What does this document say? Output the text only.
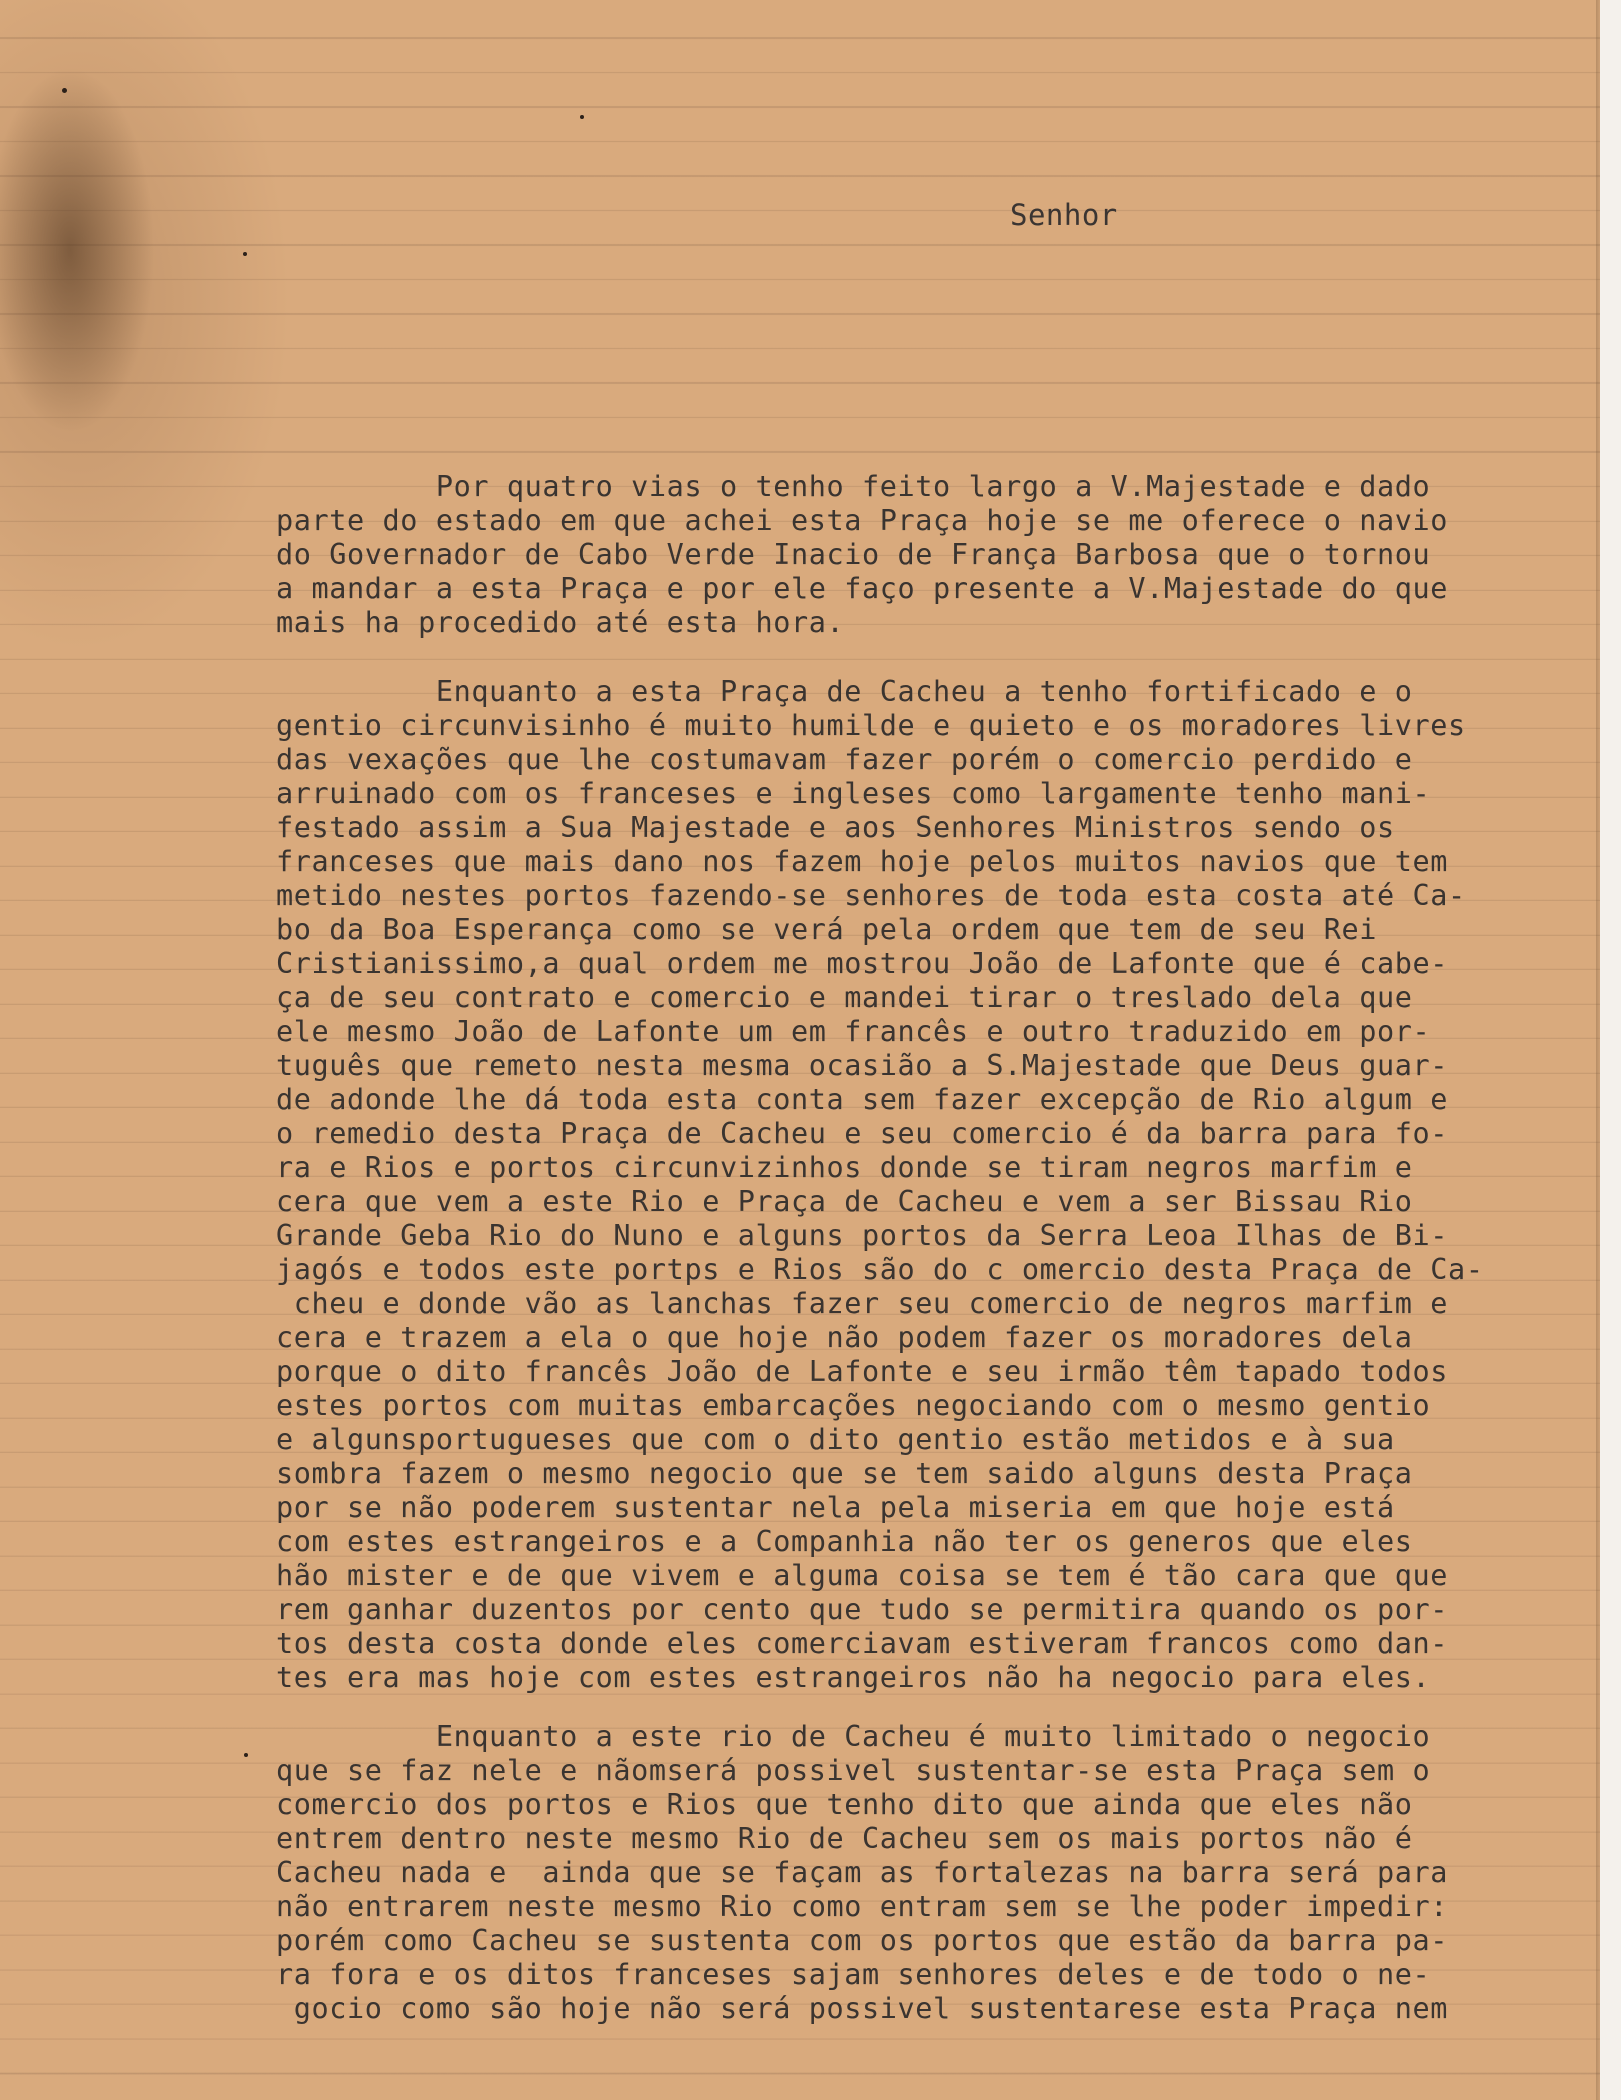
Senhor
Por quatro vias o tenho feito largo a V.Majestade e dado
parte do estado em que achei esta Praça hoje se me oferece o navio
do Governador de Cabo Verde Inacio de França Barbosa que o tornou
a mandar a esta Praça e por ele faço presente a V.Majestade do que
mais ha procedido até esta hora.
Enquanto a esta Praça de Cacheu a tenho fortificado e o
gentio circunvisinho é muito humilde e quieto e os moradores livres
das vexações que lhe costumavam fazer porém o comercio perdido e
arruinado com os franceses e ingleses como largamente tenho mani-
festado assim a Sua Majestade e aos Senhores Ministros sendo os
franceses que mais dano nos fazem hoje pelos muitos navios que tem
metido nestes portos fazendo-se senhores de toda esta costa até Ca-
bo da Boa Esperança como se verá pela ordem que tem de seu Rei
Cristianissimo,a qual ordem me mostrou João de Lafonte que é cabe-
ça de seu contrato e comercio e mandei tirar o treslado dela que
ele mesmo João de Lafonte um em francês e outro traduzido em por-
tuguês que remeto nesta mesma ocasião a S.Majestade que Deus guar-
de adonde lhe dá toda esta conta sem fazer excepção de Rio algum e
o remedio desta Praça de Cacheu e seu comercio é da barra para fo-
ra e Rios e portos circunvizinhos donde se tiram negros marfim e
cera que vem a este Rio e Praça de Cacheu e vem a ser Bissau Rio
Grande Geba Rio do Nuno e alguns portos da Serra Leoa Ilhas de Bi-
jagós e todos este portps e Rios são do c omercio desta Praça de Ca-
cheu e donde vão as lanchas fazer seu comercio de negros marfim e
cera e trazem a ela o que hoje não podem fazer os moradores dela
porque o dito francês João de Lafonte e seu irmão têm tapado todos
estes portos com muitas embarcações negociando com o mesmo gentio
e algunsportugueses que com o dito gentio estão metidos e à sua
sombra fazem o mesmo negocio que se tem saido alguns desta Praça
por se não poderem sustentar nela pela miseria em que hoje está
com estes estrangeiros e a Companhia não ter os generos que eles
hão mister e de que vivem e alguma coisa se tem é tão cara que que
rem ganhar duzentos por cento que tudo se permitira quando os por-
tos desta costa donde eles comerciavam estiveram francos como dan-
tes era mas hoje com estes estrangeiros não ha negocio para eles.
Enquanto a este rio de Cacheu é muito limitado o negocio
que se faz nele e nãomserá possivel sustentar-se esta Praça sem o
comercio dos portos e Rios que tenho dito que ainda que eles não
entrem dentro neste mesmo Rio de Cacheu sem os mais portos não é
Cacheu nada e  ainda que se façam as fortalezas na barra será para
não entrarem neste mesmo Rio como entram sem se lhe poder impedir:
porém como Cacheu se sustenta com os portos que estão da barra pa-
ra fora e os ditos franceses sajam senhores deles e de todo o ne-
gocio como são hoje não será possivel sustentarese esta Praça nem
